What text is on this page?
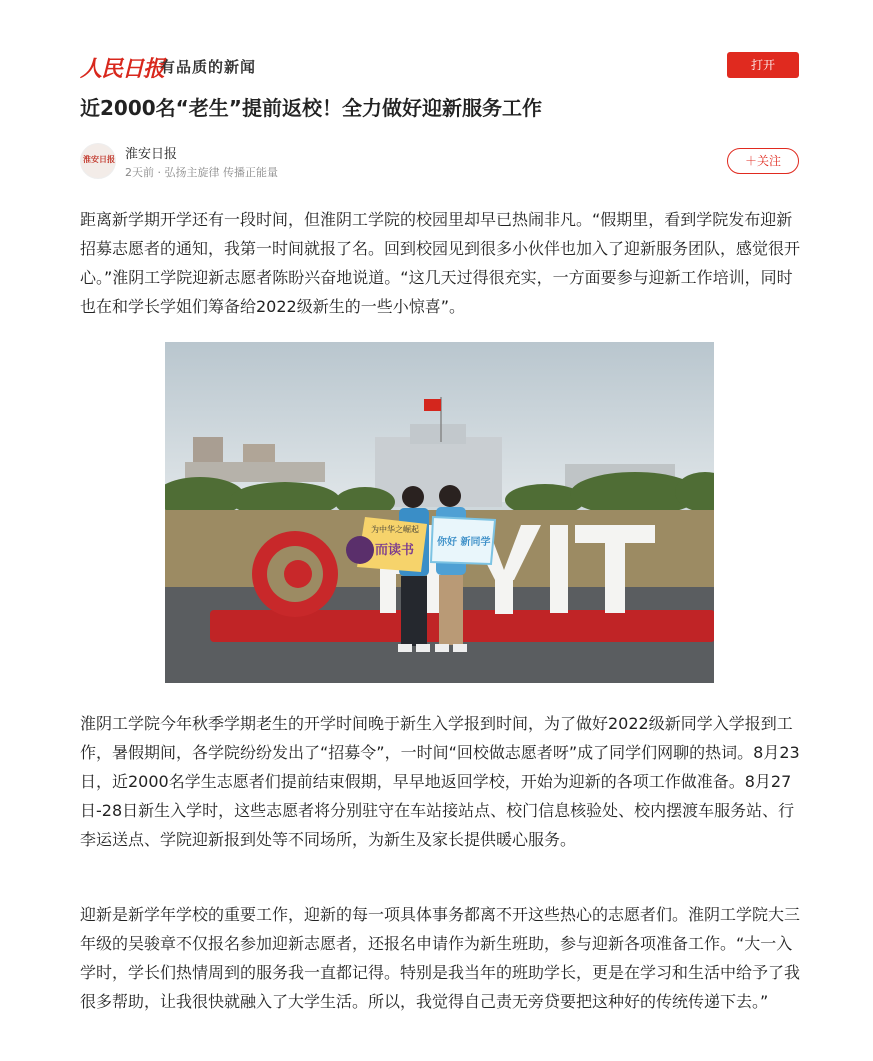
人民日报
有品质的新闻	打开
近2000名“老生”提前返校！全力做好迎新服务工作
淮安日报 淮安日报
2天前 · 弘扬主旋律 传播正能量
＋关注

距离新学期开学还有一段时间，但淮阴工学院的校园里却早已热闹非凡。“假期里，看到学院发布迎新招募志愿者的通知，我第一时间就报了名。回到校园见到很多小伙伴也加入了迎新服务团队，感觉很开心。”淮阴工学院迎新志愿者陈盼兴奋地说道。“这几天过得很充实，一方面要参与迎新工作培训，同时也在和学长学姐们筹备给2022级新生的一些小惊喜”。

为中华之崛起
而读书
你好 新同学

淮阴工学院今年秋季学期老生的开学时间晚于新生入学报到时间，为了做好2022级新同学入学报到工作，暑假期间，各学院纷纷发出了“招募令”，一时间“回校做志愿者呀”成了同学们网聊的热词。8月23日，近2000名学生志愿者们提前结束假期，早早地返回学校，开始为迎新的各项工作做准备。8月27日-28日新生入学时，这些志愿者将分别驻守在车站接站点、校门信息核验处、校内摆渡车服务站、行李运送点、学院迎新报到处等不同场所，为新生及家长提供暖心服务。

迎新是新学年学校的重要工作，迎新的每一项具体事务都离不开这些热心的志愿者们。淮阴工学院大三年级的吴骏章不仅报名参加迎新志愿者，还报名申请作为新生班助，参与迎新各项准备工作。“大一入学时，学长们热情周到的服务我一直都记得。特别是我当年的班助学长，更是在学习和生活中给予了我很多帮助，让我很快就融入了大学生活。所以，我觉得自己责无旁贷要把这种好的传统传递下去。”
